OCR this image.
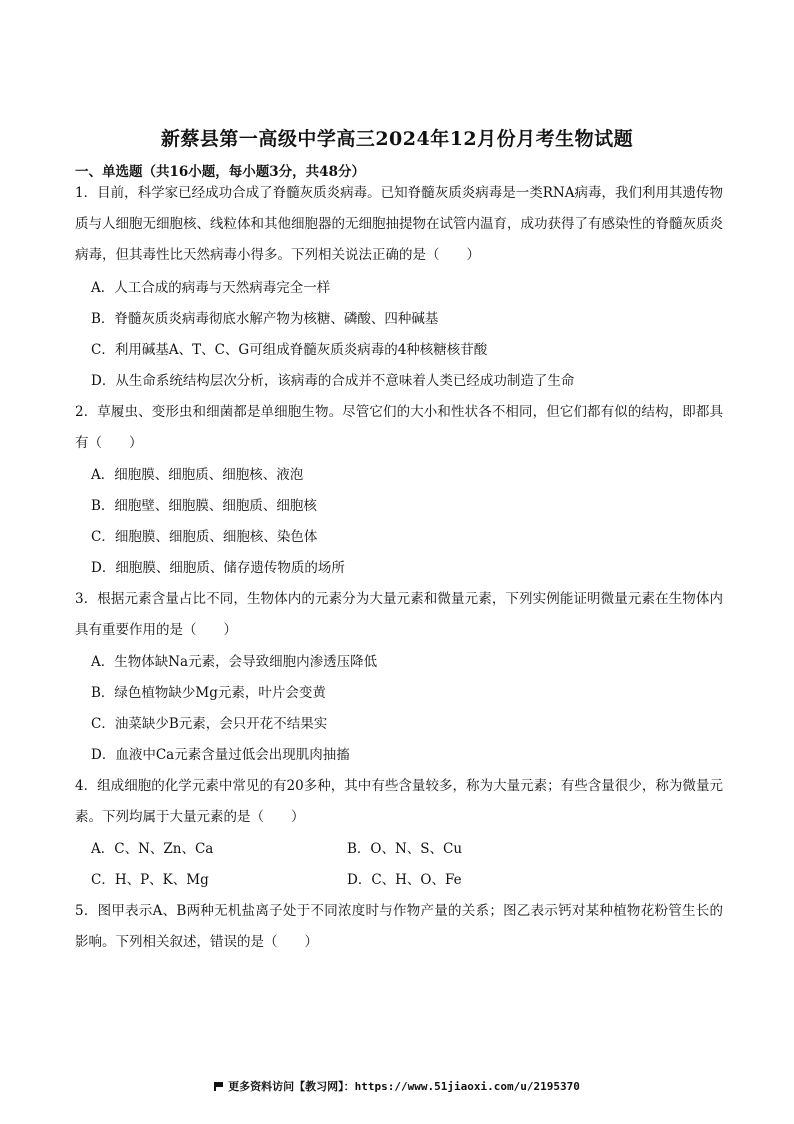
新蔡县第一高级中学高三2024年12月份月考生物试题
一、单选题（共16小题，每小题3分，共48分）

1．目前，科学家已经成功合成了脊髓灰质炎病毒。已知脊髓灰质炎病毒是一类RNA病毒，我们利用其遗传物质与人细胞无细胞核、线粒体和其他细胞器的无细胞抽提物在试管内温育，成功获得了有感染性的脊髓灰质炎病毒，但其毒性比天然病毒小得多。下列相关说法正确的是（　　）

A．人工合成的病毒与天然病毒完全一样
B．脊髓灰质炎病毒彻底水解产物为核糖、磷酸、四种碱基
C．利用碱基A、T、C、G可组成脊髓灰质炎病毒的4种核糖核苷酸
D．从生命系统结构层次分析，该病毒的合成并不意味着人类已经成功制造了生命

2．草履虫、变形虫和细菌都是单细胞生物。尽管它们的大小和性状各不相同，但它们都有似的结构，即都具有（　　）

A．细胞膜、细胞质、细胞核、液泡
B．细胞壁、细胞膜、细胞质、细胞核
C．细胞膜、细胞质、细胞核、染色体
D．细胞膜、细胞质、储存遗传物质的场所

3．根据元素含量占比不同，生物体内的元素分为大量元素和微量元素，下列实例能证明微量元素在生物体内具有重要作用的是（　　）

A．生物体缺Na元素，会导致细胞内渗透压降低
B．绿色植物缺少Mg元素，叶片会变黄
C．油菜缺少B元素，会只开花不结果实
D．血液中Ca元素含量过低会出现肌肉抽搐

4．组成细胞的化学元素中常见的有20多种，其中有些含量较多，称为大量元素；有些含量很少，称为微量元素。下列均属于大量元素的是（　　）

A．C、N、Zn、Ca	B．O、N、S、Cu
C．H、P、K、Mg	D．C、H、O、Fe

5．图甲表示A、B两种无机盐离子处于不同浓度时与作物产量的关系；图乙表示钙对某种植物花粉管生长的影响。下列相关叙述，错误的是（　　）

更多资料访问【教习网】：https://www.51jiaoxi.com/u/2195370
